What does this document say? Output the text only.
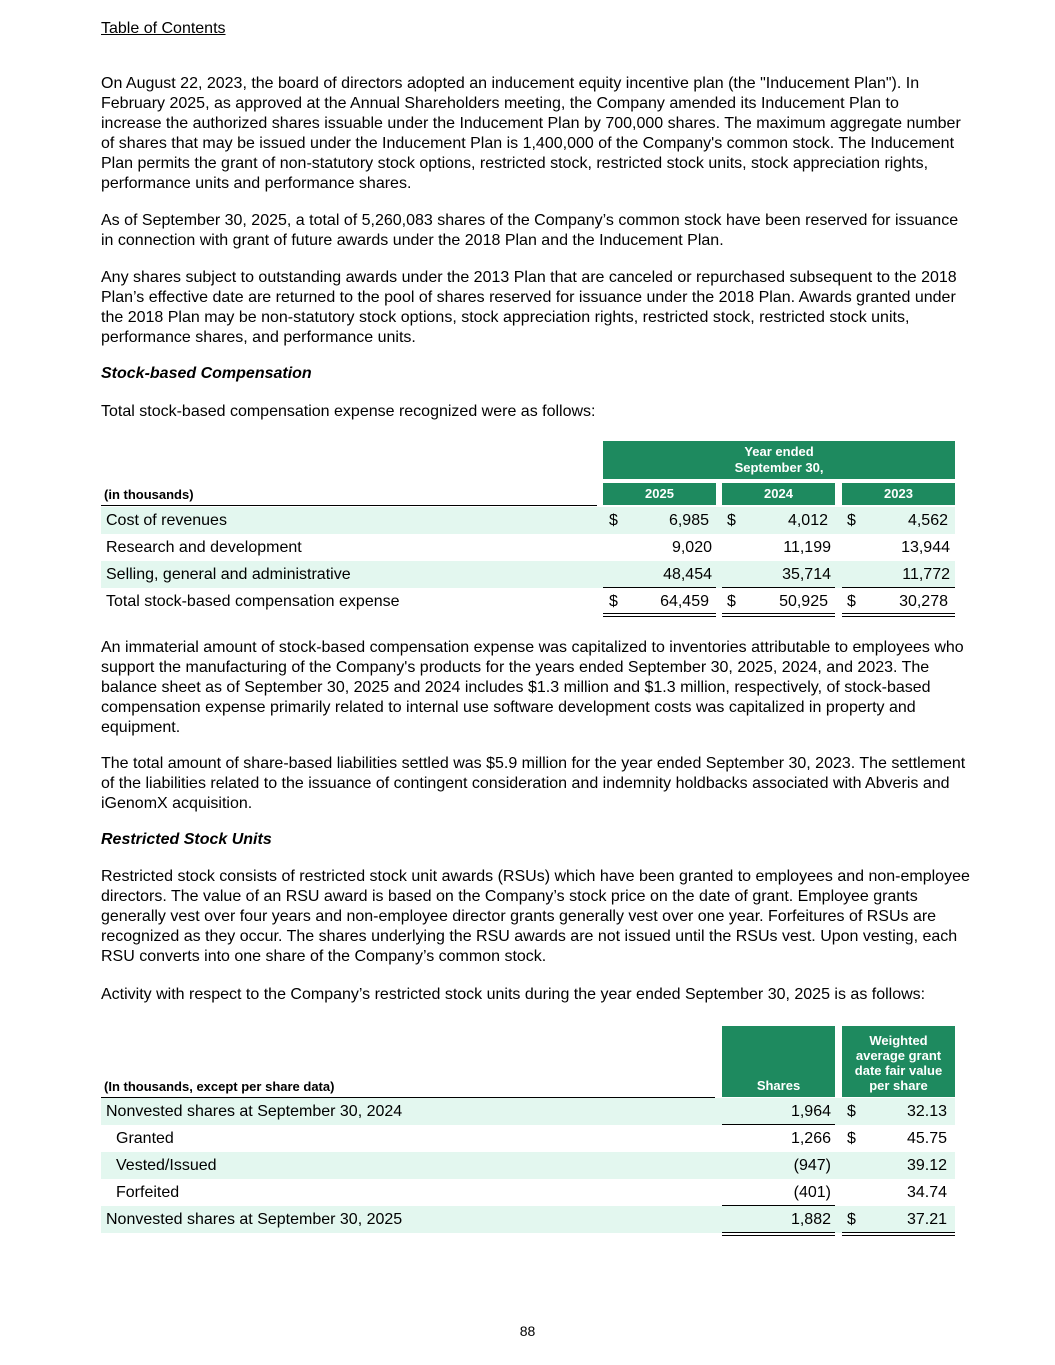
Table of Contents

On August 22, 2023, the board of directors adopted an inducement equity incentive plan (the "Inducement Plan"). In February 2025, as approved at the Annual Shareholders meeting, the Company amended its Inducement Plan to increase the authorized shares issuable under the Inducement Plan by 700,000 shares. The maximum aggregate number of shares that may be issued under the Inducement Plan is 1,400,000 of the Company's common stock. The Inducement Plan permits the grant of non-statutory stock options, restricted stock, restricted stock units, stock appreciation rights, performance units and performance shares.

As of September 30, 2025, a total of 5,260,083 shares of the Company’s common stock have been reserved for issuance in connection with grant of future awards under the 2018 Plan and the Inducement Plan.

Any shares subject to outstanding awards under the 2013 Plan that are canceled or repurchased subsequent to the 2018 Plan’s effective date are returned to the pool of shares reserved for issuance under the 2018 Plan. Awards granted under the 2018 Plan may be non-statutory stock options, stock appreciation rights, restricted stock, restricted stock units, performance shares, and performance units.

Stock-based Compensation

Total stock-based compensation expense recognized were as follows:

Year ended
September 30,
(in thousands)	2025	2024	2023
Cost of revenues	$	6,985 $	4,012 $	4,562
Research and development	9,020	11,199	13,944
Selling, general and administrative	48,454	35,714	11,772
Total stock-based compensation expense	$	64,459 $	50,925 $	30,278

An immaterial amount of stock-based compensation expense was capitalized to inventories attributable to employees who support the manufacturing of the Company's products for the years ended September 30, 2025, 2024, and 2023. The balance sheet as of September 30, 2025 and 2024 includes $1.3 million and $1.3 million, respectively, of stock-based compensation expense primarily related to internal use software development costs was capitalized in property and equipment.

The total amount of share-based liabilities settled was $5.9 million for the year ended September 30, 2023. The settlement of the liabilities related to the issuance of contingent consideration and indemnity holdbacks associated with Abveris and iGenomX acquisition.

Restricted Stock Units

Restricted stock consists of restricted stock unit awards (RSUs) which have been granted to employees and non-employee directors. The value of an RSU award is based on the Company’s stock price on the date of grant. Employee grants generally vest over four years and non-employee director grants generally vest over one year. Forfeitures of RSUs are recognized as they occur. The shares underlying the RSU awards are not issued until the RSUs vest. Upon vesting, each RSU converts into one share of the Company’s common stock.

Activity with respect to the Company’s restricted stock units during the year ended September 30, 2025 is as follows:

(In thousands, except per share data)	Shares
Weighted
average grant
date fair value
per share
Nonvested shares at September 30, 2024	1,964 $	32.13
Granted	1,266 $	45.75
Vested/Issued	(947)	39.12
Forfeited	(401)	34.74
Nonvested shares at September 30, 2025	1,882 $	37.21
88
